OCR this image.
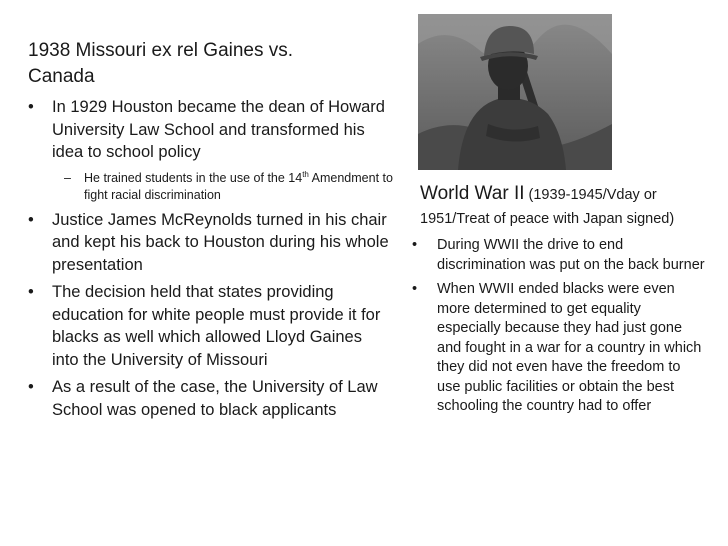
1938 Missouri ex rel Gaines vs.
Canada
• In 1929 Houston became the dean of Howard University Law School and transformed his idea to school policy
– He trained students in the use of the 14th Amendment to fight racial discrimination
• Justice James McReynolds turned in his chair and kept his back to Houston during his whole presentation
• The decision held that states providing education for white people must provide it for blacks as well which allowed Lloyd Gaines into the University of Missouri
• As a result of the case, the University of Law School was opened to black applicants
World War II (1939-1945/Vday or 1951/Treat of peace with Japan signed)
• During WWII the drive to end discrimination was put on the back burner
• When WWII ended blacks were even more determined to get equality especially because they had just gone and fought in a war for a country in which they did not even have the freedom to use public facilities or obtain the best schooling the country had to offer
